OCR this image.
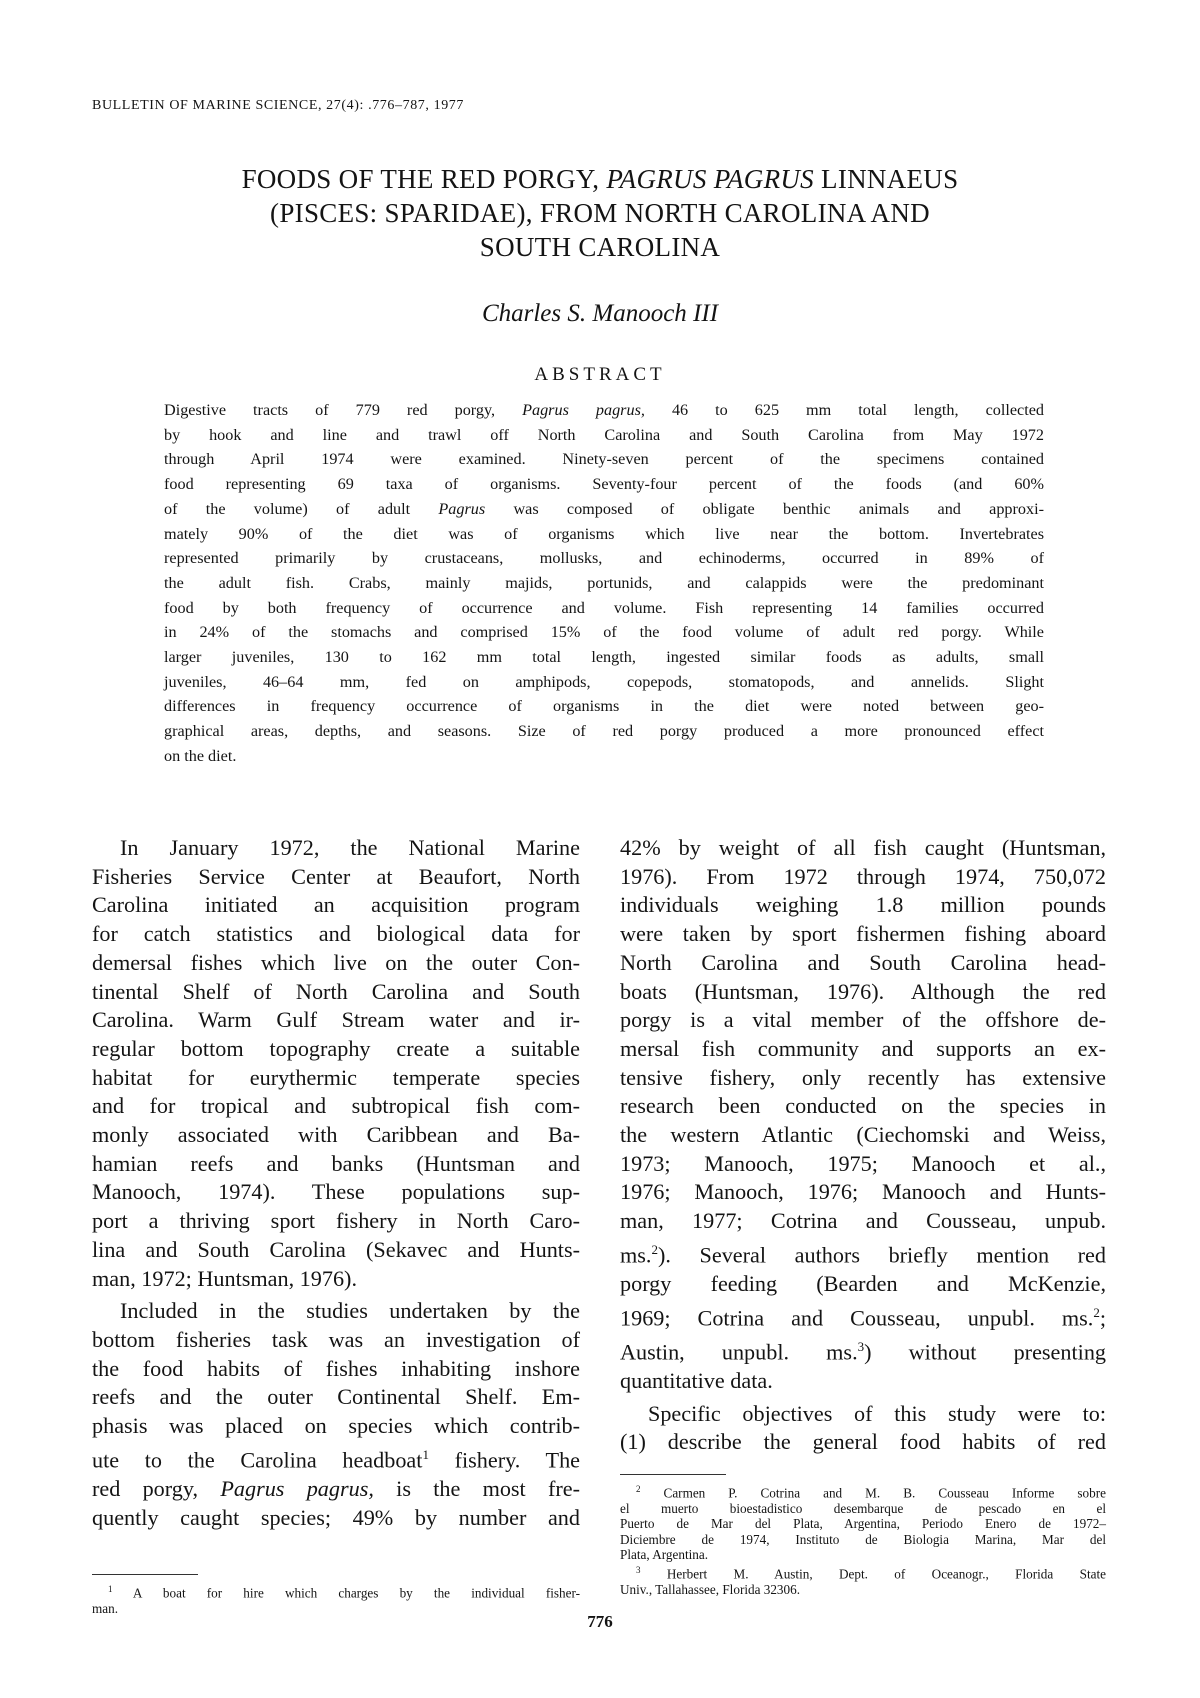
BULLETIN OF MARINE SCIENCE, 27(4): .776–787, 1977

FOODS OF THE RED PORGY, PAGRUS PAGRUS LINNAEUS

(PISCES: SPARIDAE), FROM NORTH CAROLINA AND

SOUTH CAROLINA

Charles S. Manooch III
ABSTRACT

Digestive tracts of 779 red porgy, Pagrus pagrus, 46 to 625 mm total length, collected

by hook and line and trawl off North Carolina and South Carolina from May 1972

through April 1974 were examined. Ninety-seven percent of the specimens contained

food representing 69 taxa of organisms. Seventy-four percent of the foods (and 60%

of the volume) of adult Pagrus was composed of obligate benthic animals and approxi-

mately 90% of the diet was of organisms which live near the bottom. Invertebrates

represented primarily by crustaceans, mollusks, and echinoderms, occurred in 89% of

the adult fish. Crabs, mainly majids, portunids, and calappids were the predominant

food by both frequency of occurrence and volume. Fish representing 14 families occurred

in 24% of the stomachs and comprised 15% of the food volume of adult red porgy. While

larger juveniles, 130 to 162 mm total length, ingested similar foods as adults, small

juveniles, 46–64 mm, fed on amphipods, copepods, stomatopods, and annelids. Slight

differences in frequency occurrence of organisms in the diet were noted between geo-

graphical areas, depths, and seasons. Size of red porgy produced a more pronounced effect

on the diet.

In January 1972, the National Marine

Fisheries Service Center at Beaufort, North

Carolina initiated an acquisition program

for catch statistics and biological data for

demersal fishes which live on the outer Con-

tinental Shelf of North Carolina and South

Carolina. Warm Gulf Stream water and ir-

regular bottom topography create a suitable

habitat for eurythermic temperate species

and for tropical and subtropical fish com-

monly associated with Caribbean and Ba-

hamian reefs and banks (Huntsman and

Manooch, 1974). These populations sup-

port a thriving sport fishery in North Caro-

lina and South Carolina (Sekavec and Hunts-

man, 1972; Huntsman, 1976).

Included in the studies undertaken by the

bottom fisheries task was an investigation of

the food habits of fishes inhabiting inshore

reefs and the outer Continental Shelf. Em-

phasis was placed on species which contrib-

ute to the Carolina headboat$^1$ fishery. The

red porgy, Pagrus pagrus, is the most fre-

quently caught species; 49% by number and

42% by weight of all fish caught (Huntsman,

1976). From 1972 through 1974, 750,072

individuals weighing 1.8 million pounds

were taken by sport fishermen fishing aboard

North Carolina and South Carolina head-

boats (Huntsman, 1976). Although the red

porgy is a vital member of the offshore de-

mersal fish community and supports an ex-

tensive fishery, only recently has extensive

research been conducted on the species in

the western Atlantic (Ciechomski and Weiss,

1973; Manooch, 1975; Manooch et al.,

1976; Manooch, 1976; Manooch and Hunts-

man, 1977; Cotrina and Cousseau, unpub.

ms.$^2$). Several authors briefly mention red

porgy feeding (Bearden and McKenzie,

1969; Cotrina and Cousseau, unpubl. ms.$^2$;

Austin, unpubl. ms.$^3$) without presenting

quantitative data.

Specific objectives of this study were to:

(1) describe the general food habits of red

$^1$ A boat for hire which charges by the individual fisher-

man.

$^2$ Carmen P. Cotrina and M. B. Cousseau Informe sobre

el muerto bioestadistico desembarque de pescado en el

Puerto de Mar del Plata, Argentina, Periodo Enero de 1972–

Diciembre de 1974, Instituto de Biologia Marina, Mar del

Plata, Argentina.

$^3$ Herbert M. Austin, Dept. of Oceanogr., Florida State

Univ., Tallahassee, Florida 32306.

776
